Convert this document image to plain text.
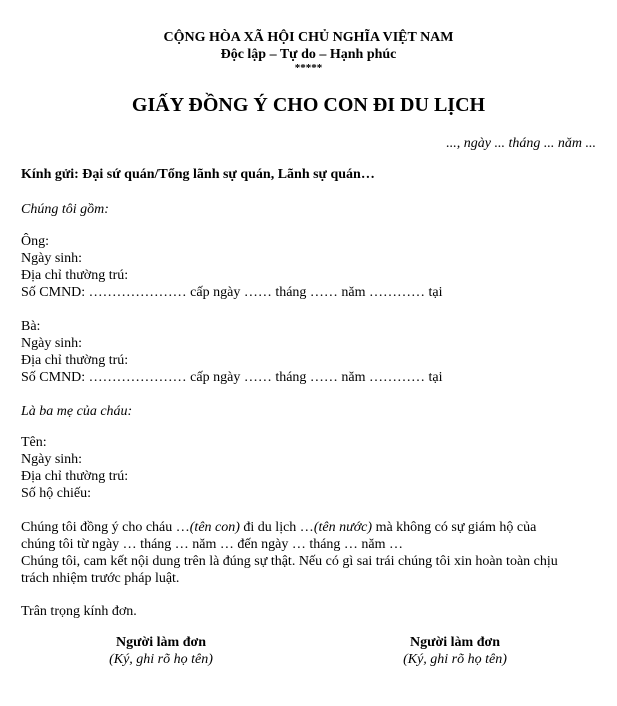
CỘNG HÒA XÃ HỘI CHỦ NGHĨA VIỆT NAM
Độc lập – Tự do – Hạnh phúc
*****
GIẤY ĐỒNG Ý CHO CON ĐI DU LỊCH
..., ngày ... tháng ... năm ...
Kính gửi: Đại sứ quán/Tổng lãnh sự quán, Lãnh sự quán…
Chúng tôi gồm:
Ông:
Ngày sinh:
Địa chỉ thường trú:
Số CMND: ………………… cấp ngày …… tháng …… năm ………… tại
Bà:
Ngày sinh:
Địa chỉ thường trú:
Số CMND: ………………… cấp ngày …… tháng …… năm ………… tại
Là ba mẹ của cháu:
Tên:
Ngày sinh:
Địa chỉ thường trú:
Số hộ chiếu:
Chúng tôi đồng ý cho cháu …(tên con) đi du lịch …(tên nước) mà không có sự giám hộ của
chúng tôi từ ngày … tháng … năm … đến ngày … tháng … năm …
Chúng tôi, cam kết nội dung trên là đúng sự thật. Nếu có gì sai trái chúng tôi xin hoàn toàn chịu
trách nhiệm trước pháp luật.
Trân trọng kính đơn.
Người làm đơn
(Ký, ghi rõ họ tên)
Người làm đơn
(Ký, ghi rõ họ tên)
